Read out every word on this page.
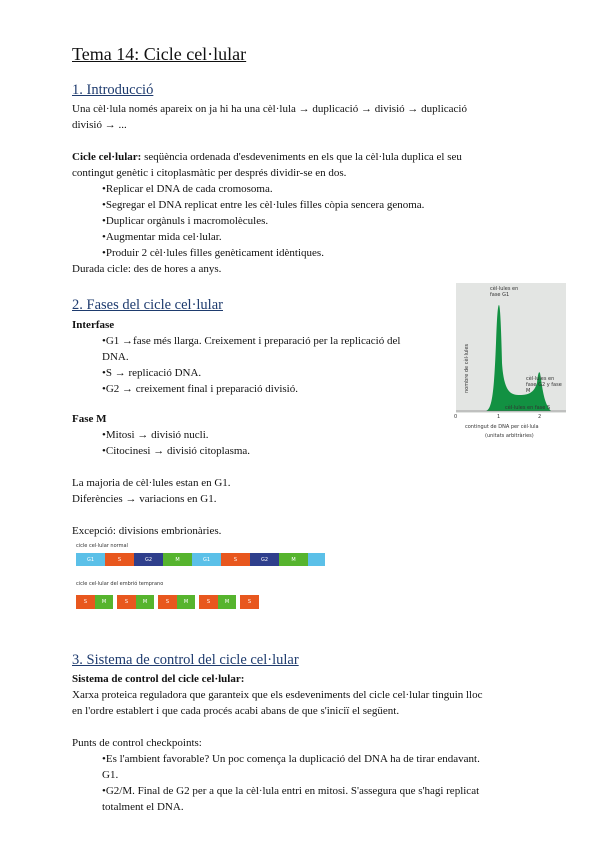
Tema 14: Cicle cel·lular
1. Introducció
Una cèl·lula només apareix on ja hi ha una cèl·lula → duplicació → divisió → duplicació
divisió → ...
Cicle cel·lular: seqüència ordenada d'esdeveniments en els que la cèl·lula duplica el seu
contingut genètic i citoplasmàtic per després dividir-se en dos.
•Replicar el DNA de cada cromosoma.
•Segregar el DNA replicat entre les cèl·lules filles còpia sencera genoma.
•Duplicar orgànuls i macromolècules.
•Augmentar mida cel·lular.
•Produir 2 cèl·lules filles genèticament idèntiques.
Durada cicle: des de hores a anys.
2. Fases del cicle cel·lular
Interfase
•G1 →fase més llarga. Creixement i preparació per la replicació del
DNA.
•S → replicació DNA.
•G2 → creixement final i preparació divisió.
Fase M
•Mitosi → divisió nucli.
•Citocinesi → divisió citoplasma.
La majoria de cèl·lules estan en G1.
Diferències → variacions en G1.
Excepció: divisions embrionàries.
cèl·lules en fase G1
cèl·lules en fase G2 y fase M
nombre de cèl·lules
cèl·lules en fase S
0	1	2
contingut de DNA per cèl·lula
(unitats arbitràries)
cicle cel·lular normal
G1	S	G2	M	G1	S	G2	M
cicle cel·lular del embrió temprano
S	M	S	M	S	M	S	M	S
3. Sistema de control del cicle cel·lular
Sistema de control del cicle cel·lular:
Xarxa proteica reguladora que garanteix que els esdeveniments del cicle cel·lular tinguin lloc
en l'ordre establert i que cada procés acabi abans de que s'iniciï el següent.
Punts de control checkpoints:
•Es l'ambient favorable? Un poc comença la duplicació del DNA ha de tirar endavant.
G1.
•G2/M. Final de G2 per a que la cèl·lula entri en mitosi. S'assegura que s'hagi replicat
totalment el DNA.
